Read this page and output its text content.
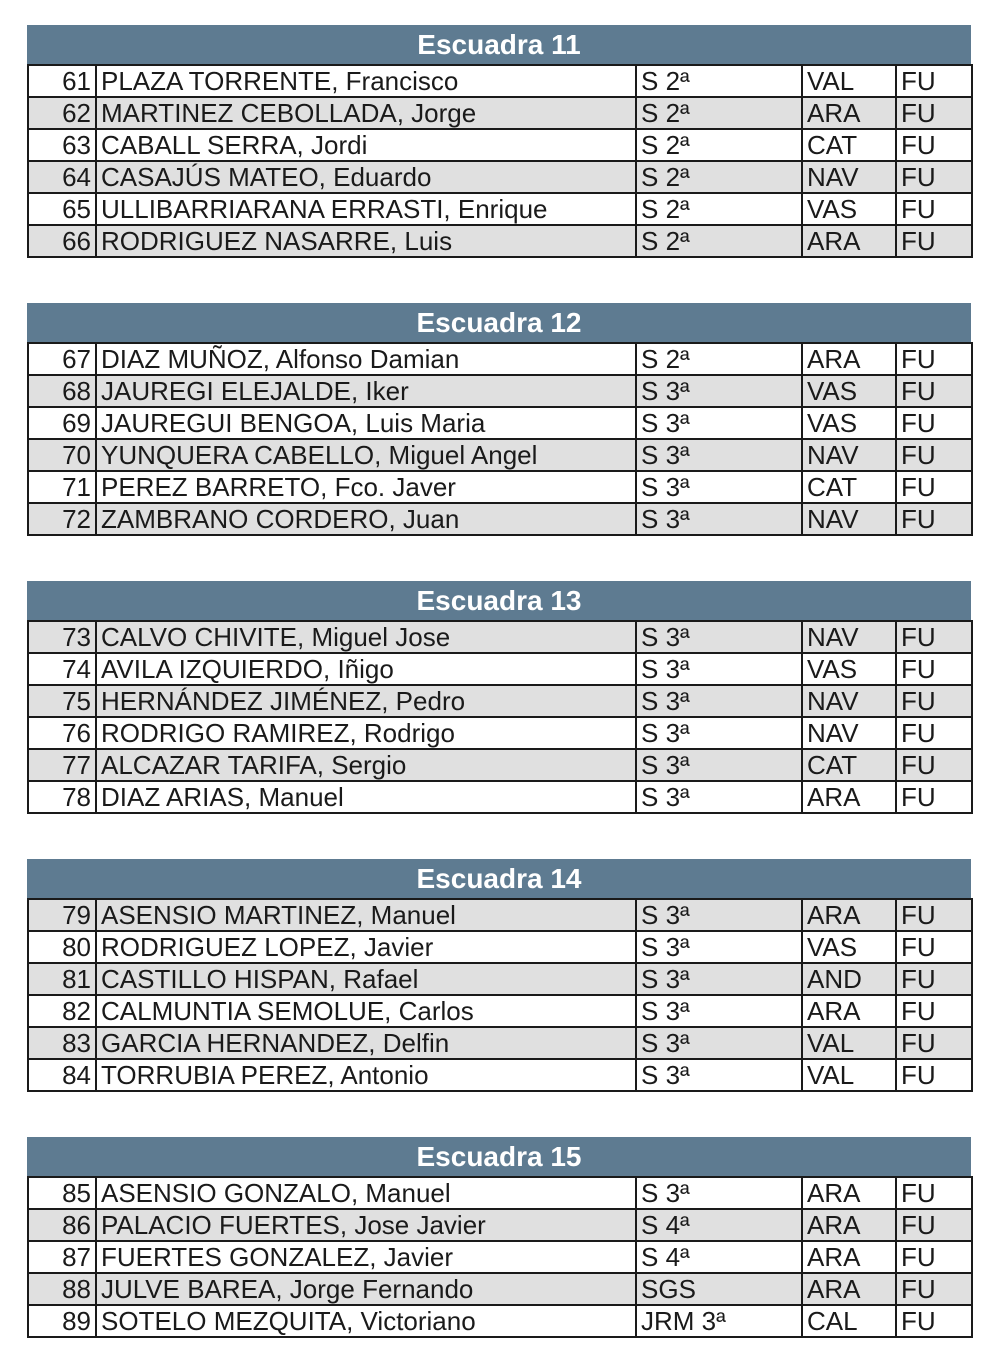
Escuadra 11
61	PLAZA TORRENTE, Francisco	S 2ª	VAL	FU
62	MARTINEZ CEBOLLADA, Jorge	S 2ª	ARA	FU
63	CABALL SERRA, Jordi	S 2ª	CAT	FU
64	CASAJÚS MATEO, Eduardo	S 2ª	NAV	FU
65	ULLIBARRIARANA ERRASTI, Enrique	S 2ª	VAS	FU
66	RODRIGUEZ NASARRE, Luis	S 2ª	ARA	FU
Escuadra 12
67	DIAZ MUÑOZ, Alfonso Damian	S 2ª	ARA	FU
68	JAUREGI ELEJALDE, Iker	S 3ª	VAS	FU
69	JAUREGUI BENGOA, Luis Maria	S 3ª	VAS	FU
70	YUNQUERA CABELLO, Miguel Angel	S 3ª	NAV	FU
71	PEREZ BARRETO, Fco. Javer	S 3ª	CAT	FU
72	ZAMBRANO CORDERO, Juan	S 3ª	NAV	FU
Escuadra 13
73	CALVO CHIVITE, Miguel Jose	S 3ª	NAV	FU
74	AVILA IZQUIERDO, Iñigo	S 3ª	VAS	FU
75	HERNÁNDEZ JIMÉNEZ, Pedro	S 3ª	NAV	FU
76	RODRIGO RAMIREZ, Rodrigo	S 3ª	NAV	FU
77	ALCAZAR TARIFA, Sergio	S 3ª	CAT	FU
78	DIAZ ARIAS, Manuel	S 3ª	ARA	FU
Escuadra 14
79	ASENSIO MARTINEZ, Manuel	S 3ª	ARA	FU
80	RODRIGUEZ LOPEZ, Javier	S 3ª	VAS	FU
81	CASTILLO HISPAN, Rafael	S 3ª	AND	FU
82	CALMUNTIA SEMOLUE, Carlos	S 3ª	ARA	FU
83	GARCIA HERNANDEZ, Delfin	S 3ª	VAL	FU
84	TORRUBIA PEREZ, Antonio	S 3ª	VAL	FU
Escuadra 15
85	ASENSIO GONZALO, Manuel	S 3ª	ARA	FU
86	PALACIO FUERTES, Jose Javier	S 4ª	ARA	FU
87	FUERTES GONZALEZ, Javier	S 4ª	ARA	FU
88	JULVE BAREA, Jorge Fernando	SGS	ARA	FU
89	SOTELO MEZQUITA, Victoriano	JRM 3ª	CAL	FU
